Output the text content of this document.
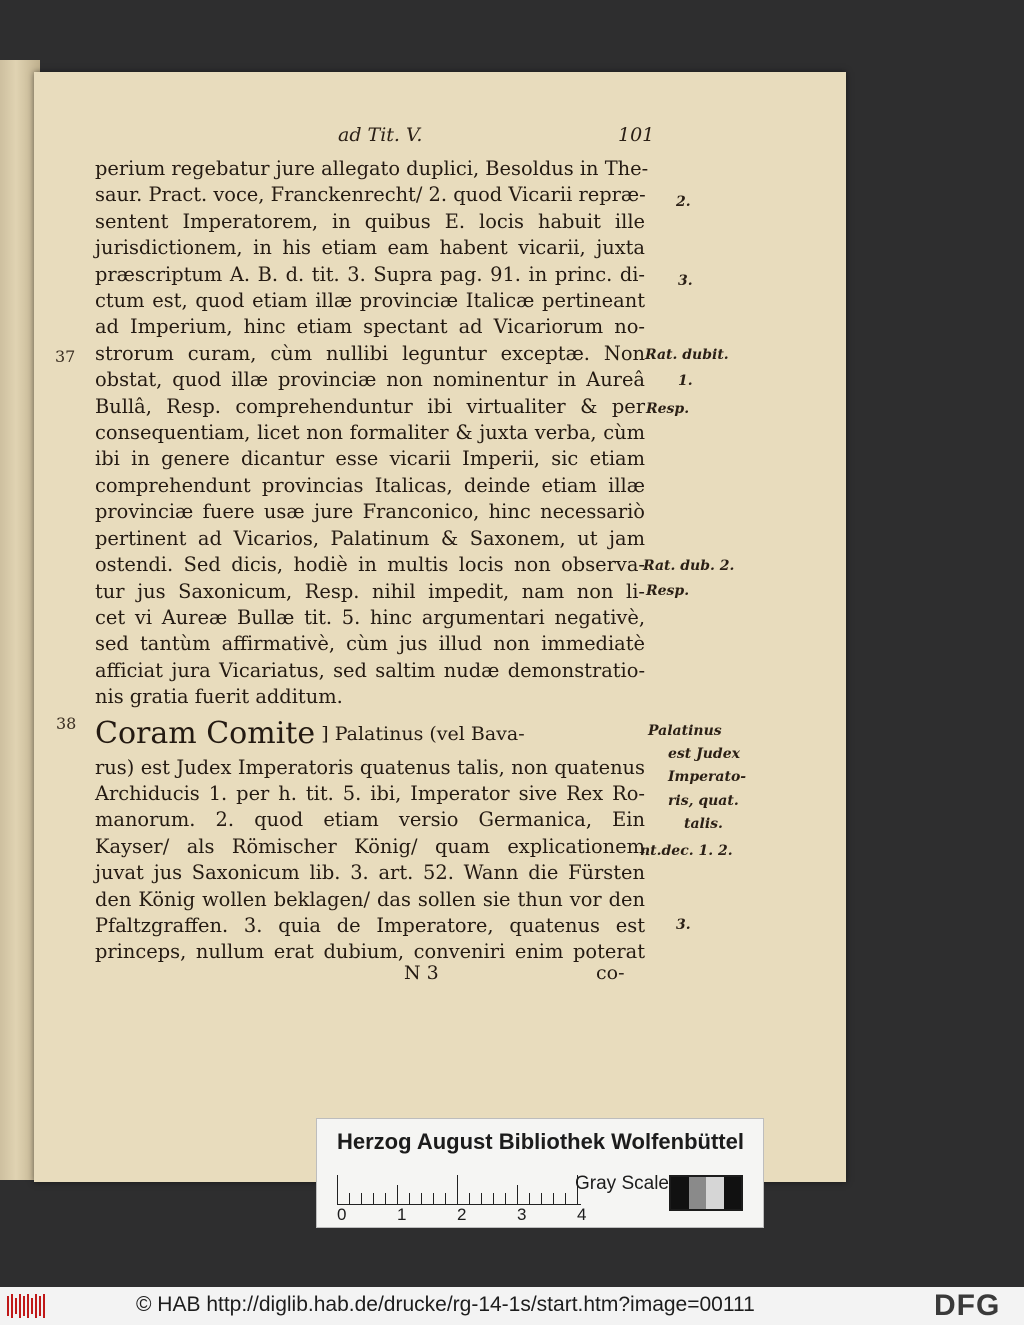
ad Tit. V.	101
perium regebatur jure allegato duplici, Besoldus in The-
saur. Pract. voce, Franckenrecht/ 2. quod Vicarii repræ-
sentent Imperatorem, in quibus E. locis habuit ille
jurisdictionem, in his etiam eam habent vicarii, juxta
præscriptum A. B. d. tit. 3. Supra pag. 91. in princ. di-
ctum est, quod etiam illæ provinciæ Italicæ pertineant
ad Imperium, hinc etiam spectant ad Vicariorum no-
strorum curam, cùm nullibi leguntur exceptæ. Non
obstat, quod illæ provinciæ non nominentur in Aureâ
Bullâ, Resp. comprehenduntur ibi virtualiter & per
consequentiam, licet non formaliter & juxta verba, cùm
ibi in genere dicantur esse vicarii Imperii, sic etiam
comprehendunt provincias Italicas, deinde etiam illæ
provinciæ fuere usæ jure Franconico, hinc necessariò
pertinent ad Vicarios, Palatinum & Saxonem, ut jam
ostendi. Sed dicis, hodiè in multis locis non observa-
tur jus Saxonicum, Resp. nihil impedit, nam non li-
cet vi Aureæ Bullæ tit. 5. hinc argumentari negativè,
sed tantùm affirmativè, cùm jus illud non immediatè
afficiat jura Vicariatus, sed saltim nudæ demonstratio-
nis gratia fuerit additum.
Coram Comite ] Palatinus (vel Bava-
rus) est Judex Imperatoris quatenus talis, non quatenus
Archiducis 1. per h. tit. 5. ibi, Imperator sive Rex Ro-
manorum. 2. quod etiam versio Germanica, Ein
Kayser/ als Römischer König/ quam explicationem
juvat jus Saxonicum lib. 3. art. 52. Wann die Fürsten
den König wollen beklagen/ das sollen sie thun vor den
Pfaltzgraffen. 3. quia de Imperatore, quatenus est
princeps, nullum erat dubium, conveniri enim poterat
37
38
2.
3.
Rat. dubit.
1.
Resp.
Rat. dub. 2.
Resp.
Palatinus
est Judex
Imperato-
ris, quat.
talis.
nt.dec. 1. 2.
3.
N 3	co-
Herzog August Bibliothek Wolfenbüttel
0	1	2	3	4
Gray Scale
© HAB http://diglib.hab.de/drucke/rg-14-1s/start.htm?image=00111	DFG
